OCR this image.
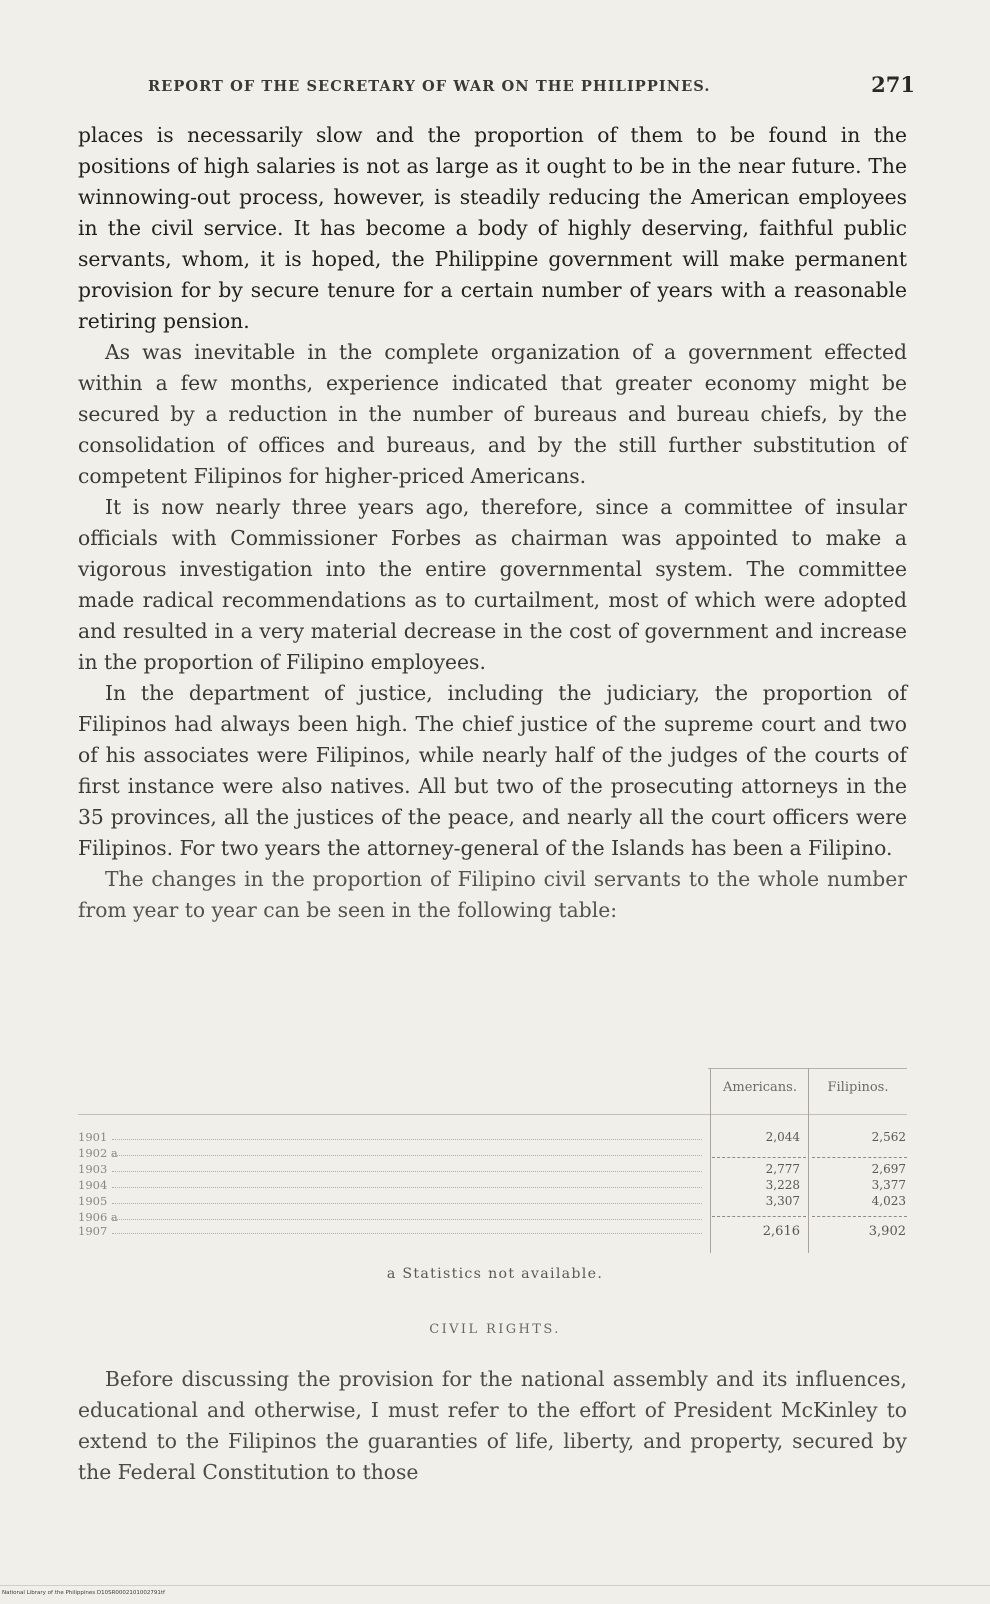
REPORT OF THE SECRETARY OF WAR ON THE PHILIPPINES.	271

places is necessarily slow and the proportion of them to be found in the positions of high salaries is not as large as it ought to be in the near future. The winnowing-out process, however, is steadily reducing the American employees in the civil service. It has become a body of highly deserving, faithful public servants, whom, it is hoped, the Philippine government will make permanent provision for by secure tenure for a certain number of years with a reasonable retiring pension.

As was inevitable in the complete organization of a government effected within a few months, experience indicated that greater economy might be secured by a reduction in the number of bureaus and bureau chiefs, by the consolidation of offices and bureaus, and by the still further substitution of competent Filipinos for higher-priced Americans.

It is now nearly three years ago, therefore, since a committee of insular officials with Commissioner Forbes as chairman was appointed to make a vigorous investigation into the entire governmental system. The committee made radical recommendations as to curtailment, most of which were adopted and resulted in a very material decrease in the cost of government and increase in the proportion of Filipino employees.

In the department of justice, including the judiciary, the proportion of Filipinos had always been high. The chief justice of the supreme court and two of his associates were Filipinos, while nearly half of the judges of the courts of first instance were also natives. All but two of the prosecuting attorneys in the 35 provinces, all the justices of the peace, and nearly all the court officers were Filipinos. For two years the attorney-general of the Islands has been a Filipino.

The changes in the proportion of Filipino civil servants to the whole number from year to year can be seen in the following table:

Americans.	Filipinos.
1901	2,044	2,562
1902 a
1903	2,777	2,697
1904	3,228	3,377
1905	3,307	4,023
1906 a
1907	2,616	3,902
a Statistics not available.
CIVIL RIGHTS.

Before discussing the provision for the national assembly and its influences, educational and otherwise, I must refer to the effort of President McKinley to extend to the Filipinos the guaranties of life, liberty, and property, secured by the Federal Constitution to those

National Library of the Philippines D10SR0002101002791tf
